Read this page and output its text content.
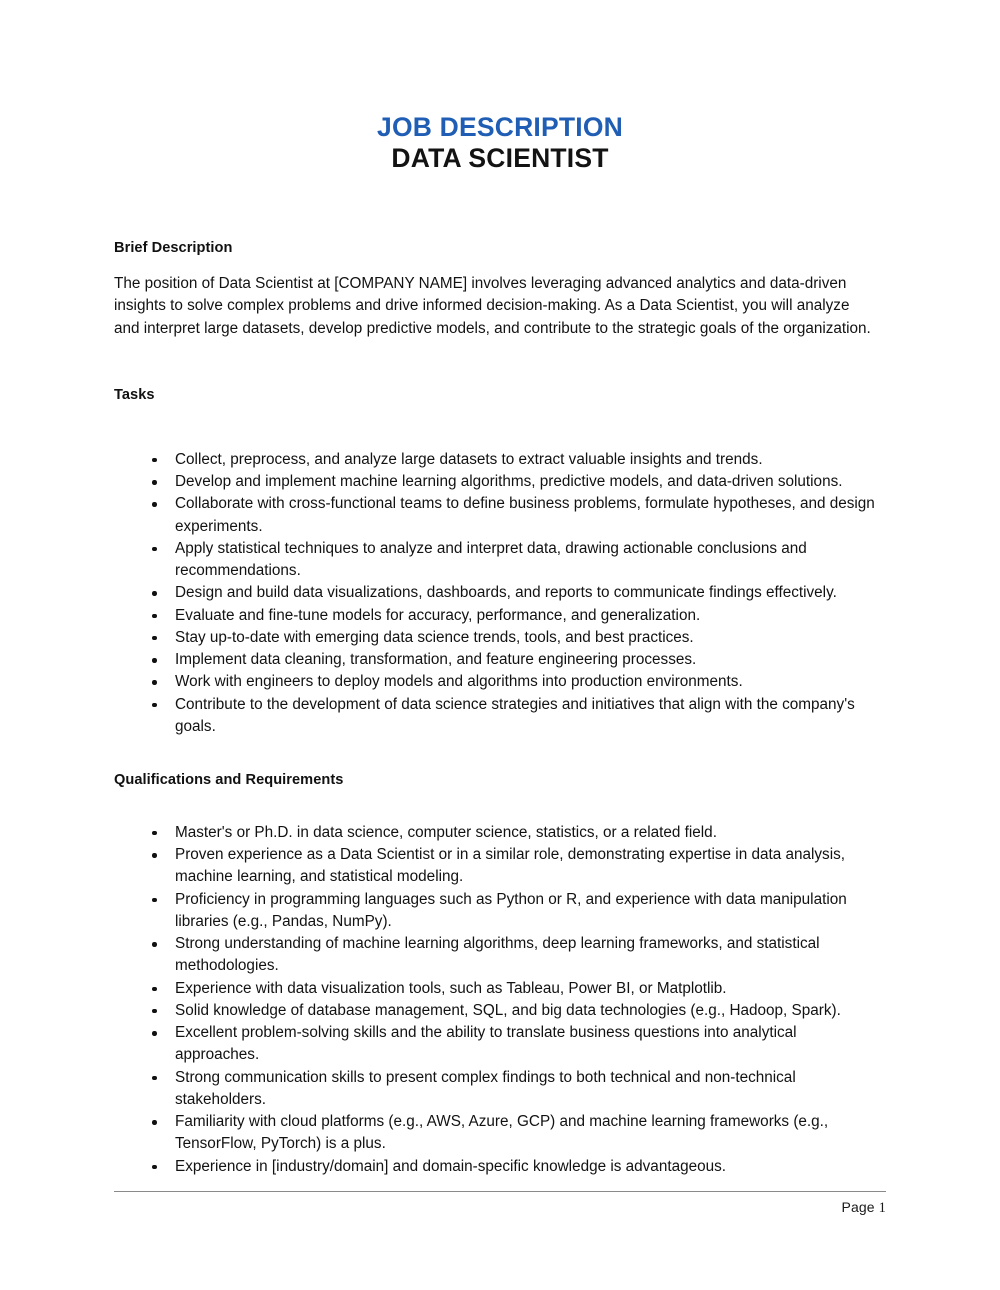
JOB DESCRIPTION
DATA SCIENTIST
Brief Description

The position of Data Scientist at [COMPANY NAME] involves leveraging advanced analytics and data-driven insights to solve complex problems and drive informed decision-making. As a Data Scientist, you will analyze and interpret large datasets, develop predictive models, and contribute to the strategic goals of the organization.

Tasks
Collect, preprocess, and analyze large datasets to extract valuable insights and trends.
Develop and implement machine learning algorithms, predictive models, and data-driven solutions.
Collaborate with cross-functional teams to define business problems, formulate hypotheses, and design experiments.
Apply statistical techniques to analyze and interpret data, drawing actionable conclusions and recommendations.
Design and build data visualizations, dashboards, and reports to communicate findings effectively.
Evaluate and fine-tune models for accuracy, performance, and generalization.
Stay up-to-date with emerging data science trends, tools, and best practices.
Implement data cleaning, transformation, and feature engineering processes.
Work with engineers to deploy models and algorithms into production environments.
Contribute to the development of data science strategies and initiatives that align with the company's goals.
Qualifications and Requirements
Master's or Ph.D. in data science, computer science, statistics, or a related field.
Proven experience as a Data Scientist or in a similar role, demonstrating expertise in data analysis, machine learning, and statistical modeling.
Proficiency in programming languages such as Python or R, and experience with data manipulation libraries (e.g., Pandas, NumPy).
Strong understanding of machine learning algorithms, deep learning frameworks, and statistical methodologies.
Experience with data visualization tools, such as Tableau, Power BI, or Matplotlib.
Solid knowledge of database management, SQL, and big data technologies (e.g., Hadoop, Spark).
Excellent problem-solving skills and the ability to translate business questions into analytical approaches.
Strong communication skills to present complex findings to both technical and non-technical stakeholders.
Familiarity with cloud platforms (e.g., AWS, Azure, GCP) and machine learning frameworks (e.g., TensorFlow, PyTorch) is a plus.
Experience in [industry/domain] and domain-specific knowledge is advantageous.
Page 1
